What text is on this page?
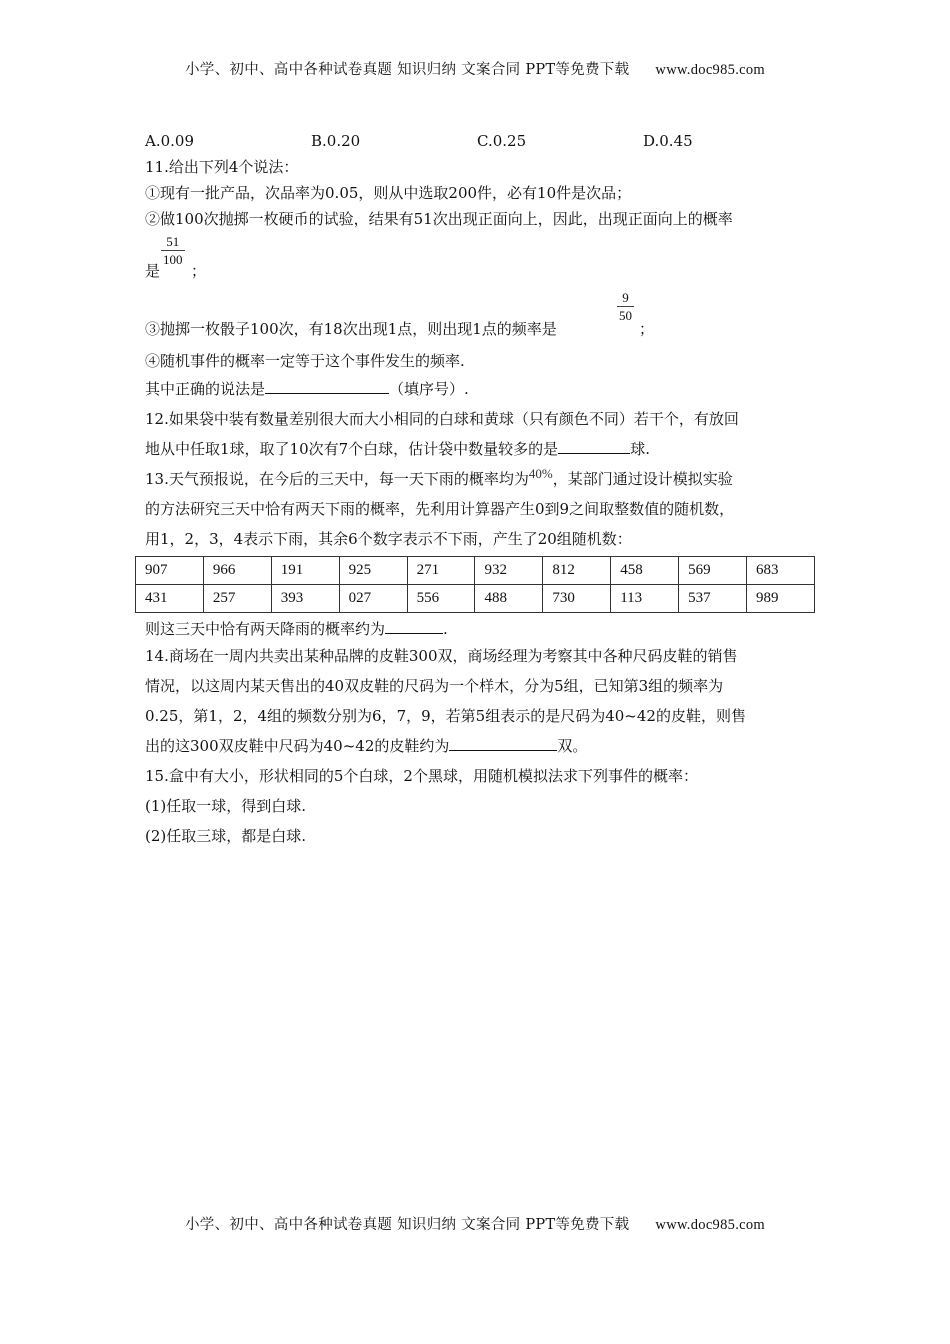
小学、初中、高中各种试卷真题 知识归纳 文案合同 PPT等免费下载 www.doc985.com
A.0.09	B.0.20	C.0.25	D.0.45
11.给出下列4个说法：
①现有一批产品，次品率为0.05，则从中选取200件，必有10件是次品；
②做100次抛掷一枚硬币的试验，结果有51次出现正面向上，因此，出现正面向上的概率
是
$\frac{51}{100}$
；
③抛掷一枚骰子100次，有18次出现1点，则出现1点的频率是
$\frac{9}{50}$
；
④随机事件的概率一定等于这个事件发生的频率.
其中正确的说法是	（填序号）.
12.如果袋中装有数量差别很大而大小相同的白球和黄球（只有颜色不同）若干个，有放回
地从中任取1球，取了10次有7个白球，估计袋中数量较多的是	球.
13.天气预报说，在今后的三天中，每一天下雨的概率均为40%，某部门通过设计模拟实验
的方法研究三天中恰有两天下雨的概率，先利用计算器产生0到9之间取整数值的随机数，
用1，2，3，4表示下雨，其余6个数字表示不下雨，产生了20组随机数：
907	966	191	925	271	932	812	458	569	683
431	257	393	027	556	488	730	113	537	989
则这三天中恰有两天降雨的概率约为	.
14.商场在一周内共卖出某种品牌的皮鞋300双，商场经理为考察其中各种尺码皮鞋的销售
情况，以这周内某天售出的40双皮鞋的尺码为一个样木，分为5组，已知第3组的频率为
0.25，第1，2，4组的频数分别为6，7，9，若第5组表示的是尺码为40~42的皮鞋，则售
出的这300双皮鞋中尺码为40~42的皮鞋约为	双。
15.盒中有大小，形状相同的5个白球，2个黑球，用随机模拟法求下列事件的概率：
(1)任取一球，得到白球.
(2)任取三球，都是白球.
小学、初中、高中各种试卷真题 知识归纳 文案合同 PPT等免费下载 www.doc985.com
